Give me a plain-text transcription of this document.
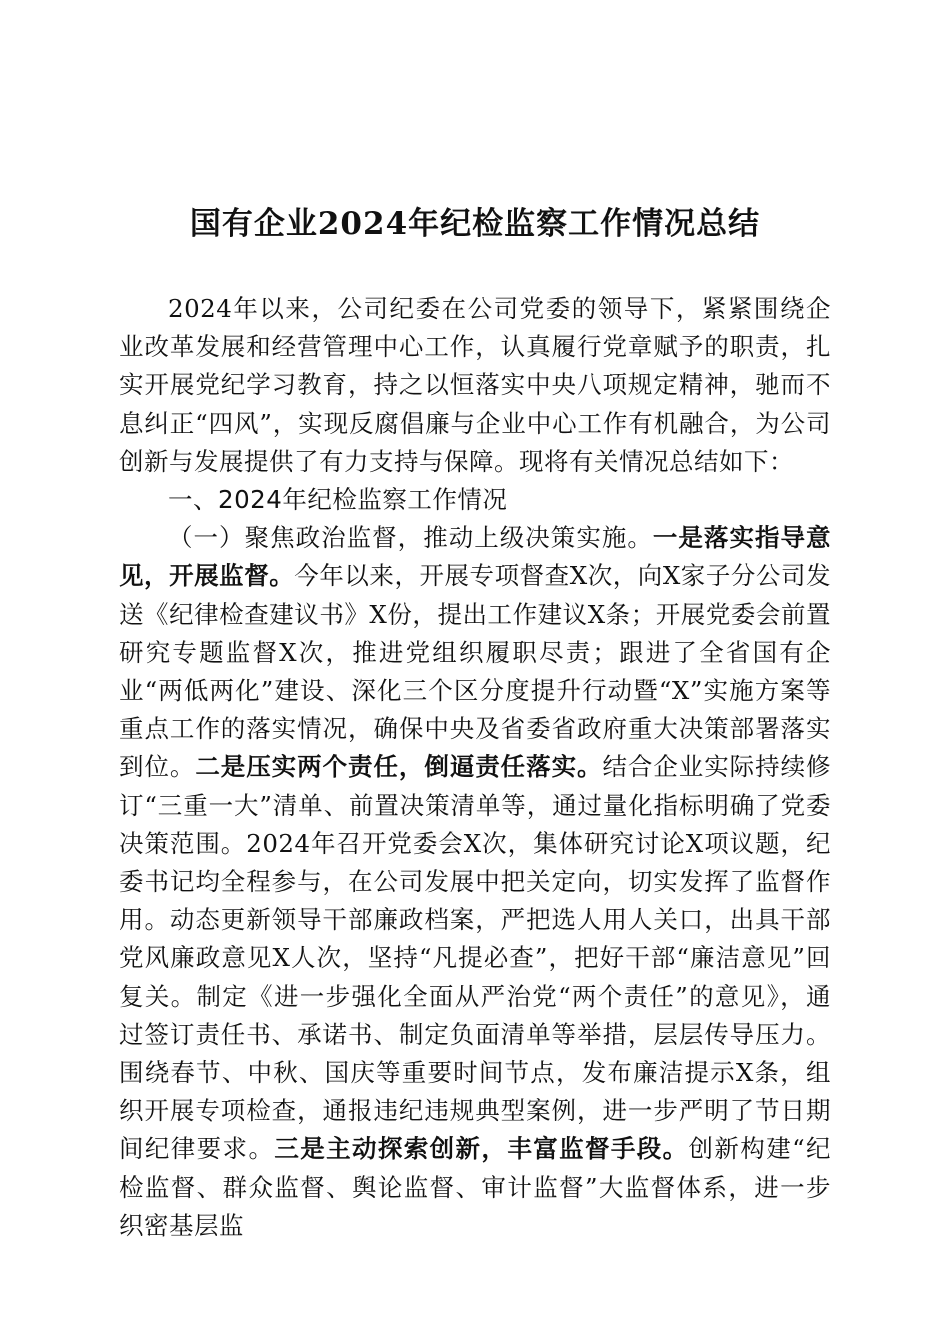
国有企业2024年纪检监察工作情况总结

2024年以来，公司纪委在公司党委的领导下，紧紧围绕企业改革发展和经营管理中心工作，认真履行党章赋予的职责，扎实开展党纪学习教育，持之以恒落实中央八项规定精神，驰而不息纠正“四风”，实现反腐倡廉与企业中心工作有机融合，为公司创新与发展提供了有力支持与保障。现将有关情况总结如下：

一、2024年纪检监察工作情况

（一）聚焦政治监督，推动上级决策实施。一是落实指导意见，开展监督。今年以来，开展专项督查X次，向X家子分公司发送《纪律检查建议书》X份，提出工作建议X条；开展党委会前置研究专题监督X次，推进党组织履职尽责；跟进了全省国有企业“两低两化”建设、深化三个区分度提升行动暨“X”实施方案等重点工作的落实情况，确保中央及省委省政府重大决策部署落实到位。二是压实两个责任，倒逼责任落实。结合企业实际持续修订“三重一大”清单、前置决策清单等，通过量化指标明确了党委决策范围。2024年召开党委会X次，集体研究讨论X项议题，纪委书记均全程参与，在公司发展中把关定向，切实发挥了监督作用。动态更新领导干部廉政档案，严把选人用人关口，出具干部党风廉政意见X人次，坚持“凡提必查”，把好干部“廉洁意见”回复关。制定《进一步强化全面从严治党“两个责任”的意见》，通过签订责任书、承诺书、制定负面清单等举措，层层传导压力。围绕春节、中秋、国庆等重要时间节点，发布廉洁提示X条，组织开展专项检查，通报违纪违规典型案例，进一步严明了节日期间纪律要求。三是主动探索创新，丰富监督手段。创新构建“纪检监督、群众监督、舆论监督、审计监督”大监督体系，进一步织密基层监
